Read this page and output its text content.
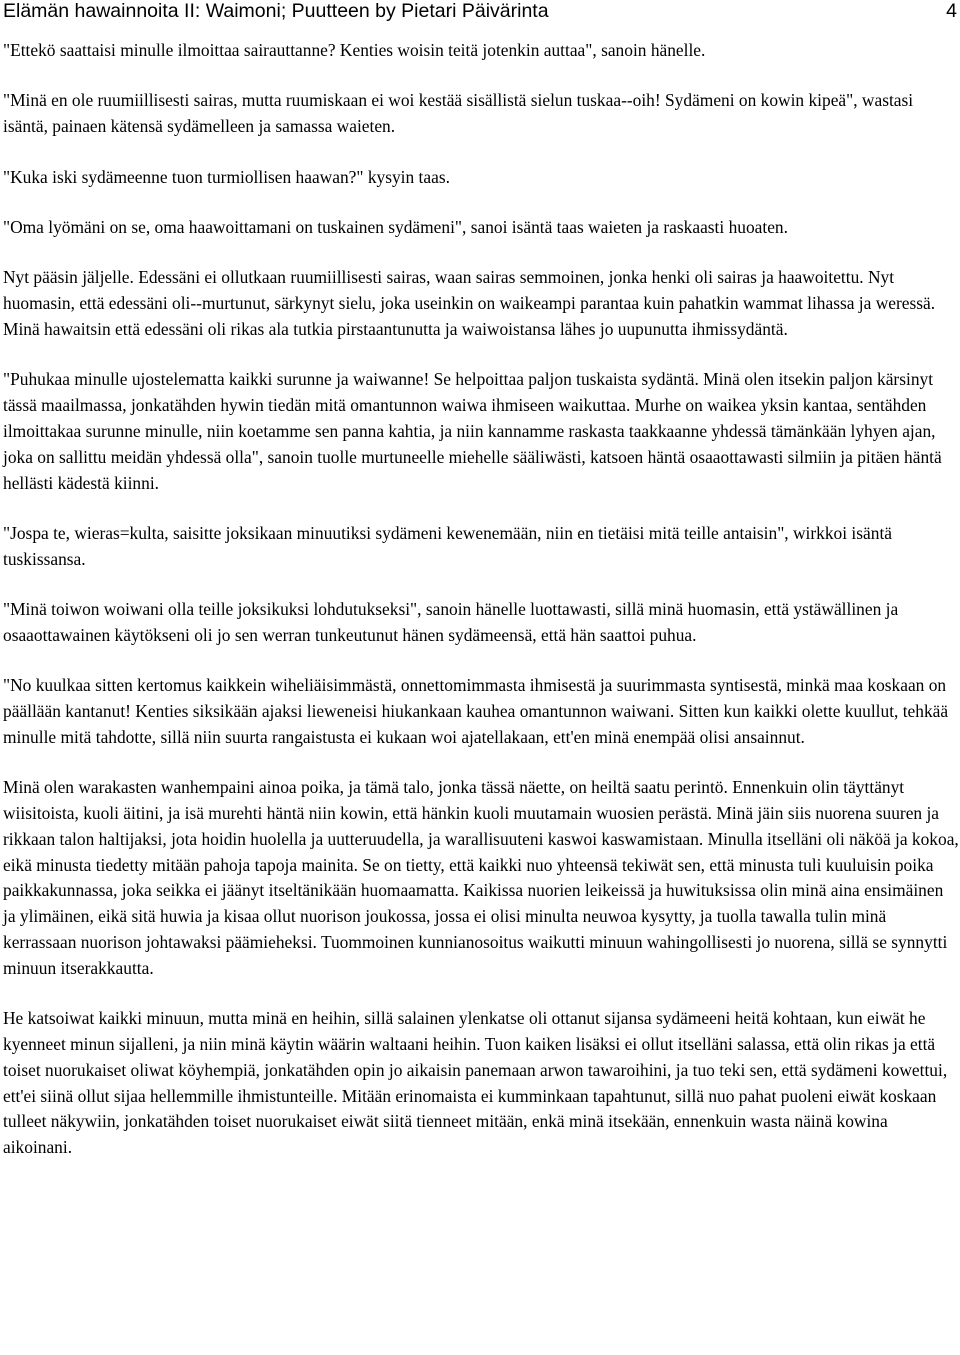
Elämän hawainnoita II: Waimoni; Puutteen by Pietari Päivärinta	4

"Ettekö saattaisi minulle ilmoittaa sairauttanne? Kenties woisin teitä jotenkin auttaa", sanoin hänelle.

"Minä en ole ruumiillisesti sairas, mutta ruumiskaan ei woi kestää sisällistä sielun tuskaa--oih! Sydämeni on kowin kipeä", wastasi isäntä, painaen kätensä sydämelleen ja samassa waieten.

"Kuka iski sydämeenne tuon turmiollisen haawan?" kysyin taas.

"Oma lyömäni on se, oma haawoittamani on tuskainen sydämeni", sanoi isäntä taas waieten ja raskaasti huoaten.

Nyt pääsin jäljelle. Edessäni ei ollutkaan ruumiillisesti sairas, waan sairas semmoinen, jonka henki oli sairas ja haawoitettu. Nyt huomasin, että edessäni oli--murtunut, särkynyt sielu, joka useinkin on waikeampi parantaa kuin pahatkin wammat lihassa ja weressä. Minä hawaitsin että edessäni oli rikas ala tutkia pirstaantunutta ja waiwoistansa lähes jo uupunutta ihmissydäntä.

"Puhukaa minulle ujostelematta kaikki surunne ja waiwanne! Se helpoittaa paljon tuskaista sydäntä. Minä olen itsekin paljon kärsinyt tässä maailmassa, jonkatähden hywin tiedän mitä omantunnon waiwa ihmiseen waikuttaa. Murhe on waikea yksin kantaa, sentähden ilmoittakaa surunne minulle, niin koetamme sen panna kahtia, ja niin kannamme raskasta taakkaanne yhdessä tämänkään lyhyen ajan, joka on sallittu meidän yhdessä olla", sanoin tuolle murtuneelle miehelle sääliwästi, katsoen häntä osaaottawasti silmiin ja pitäen häntä hellästi kädestä kiinni.

"Jospa te, wieras=kulta, saisitte joksikaan minuutiksi sydämeni kewenemään, niin en tietäisi mitä teille antaisin", wirkkoi isäntä tuskissansa.

"Minä toiwon woiwani olla teille joksikuksi lohdutukseksi", sanoin hänelle luottawasti, sillä minä huomasin, että ystäwällinen ja osaaottawainen käytökseni oli jo sen werran tunkeutunut hänen sydämeensä, että hän saattoi puhua.

"No kuulkaa sitten kertomus kaikkein wiheliäisimmästä, onnettomimmasta ihmisestä ja suurimmasta syntisestä, minkä maa koskaan on päällään kantanut! Kenties siksikään ajaksi lieweneisi hiukankaan kauhea omantunnon waiwani. Sitten kun kaikki olette kuullut, tehkää minulle mitä tahdotte, sillä niin suurta rangaistusta ei kukaan woi ajatellakaan, ett'en minä enempää olisi ansainnut.

Minä olen warakasten wanhempaini ainoa poika, ja tämä talo, jonka tässä näette, on heiltä saatu perintö. Ennenkuin olin täyttänyt wiisitoista, kuoli äitini, ja isä murehti häntä niin kowin, että hänkin kuoli muutamain wuosien perästä. Minä jäin siis nuorena suuren ja rikkaan talon haltijaksi, jota hoidin huolella ja uutteruudella, ja warallisuuteni kaswoi kaswamistaan. Minulla itselläni oli näköä ja kokoa, eikä minusta tiedetty mitään pahoja tapoja mainita. Se on tietty, että kaikki nuo yhteensä tekiwät sen, että minusta tuli kuuluisin poika paikkakunnassa, joka seikka ei jäänyt itseltänikään huomaamatta. Kaikissa nuorien leikeissä ja huwituksissa olin minä aina ensimäinen ja ylimäinen, eikä sitä huwia ja kisaa ollut nuorison joukossa, jossa ei olisi minulta neuwoa kysytty, ja tuolla tawalla tulin minä kerrassaan nuorison johtawaksi päämieheksi. Tuommoinen kunnianosoitus waikutti minuun wahingollisesti jo nuorena, sillä se synnytti minuun itserakkautta.

He katsoiwat kaikki minuun, mutta minä en heihin, sillä salainen ylenkatse oli ottanut sijansa sydämeeni heitä kohtaan, kun eiwät he kyenneet minun sijalleni, ja niin minä käytin wäärin waltaani heihin. Tuon kaiken lisäksi ei ollut itselläni salassa, että olin rikas ja että toiset nuorukaiset oliwat köyhempiä, jonkatähden opin jo aikaisin panemaan arwon tawaroihini, ja tuo teki sen, että sydämeni kowettui, ett'ei siinä ollut sijaa hellemmille ihmistunteille. Mitään erinomaista ei kumminkaan tapahtunut, sillä nuo pahat puoleni eiwät koskaan tulleet näkywiin, jonkatähden toiset nuorukaiset eiwät siitä tienneet mitään, enkä minä itsekään, ennenkuin wasta näinä kowina aikoinani.
